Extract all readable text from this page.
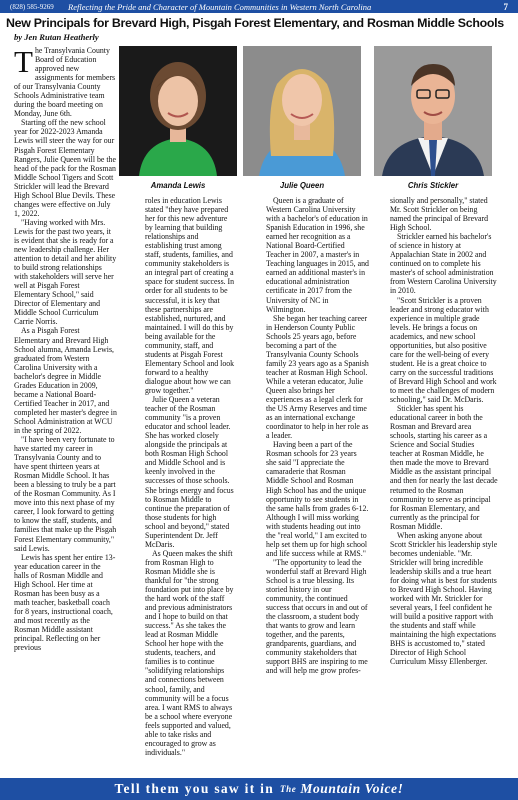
(828) 585-9269	Reflecting the Pride and Character of Mountain Communities in Western North Carolina	7
New Principals for Brevard High, Pisgah Forest Elementary, and Rosman Middle Schools
by Jen Rutan Heatherly

The Transylvania County Board of Education approved new assignments for members of our Transylvania County Schools Administrative team during the board meeting on Monday, June 6th.

Starting off the new school year for 2022-2023 Amanda Lewis will steer the way for our Pisgah Forest Elementary Rangers, Julie Queen will be the head of the pack for the Rosman Middle School Tigers and Scott Strickler will lead the Brevard High School Blue Devils. These changes were effective on July 1, 2022.

"Having worked with Mrs. Lewis for the past two years, it is evident that she is ready for a new leadership challenge. Her attention to detail and her ability to build strong relationships with stakeholders will serve her well at Pisgah Forest Elementary School," said Director of Elementary and Middle School Curriculum Carrie Norris.

As a Pisgah Forest Elementary and Brevard High School alumna, Amanda Lewis, graduated from Western Carolina University with a bachelor's degree in Middle Grades Education in 2009, became a National Board-Certified Teacher in 2017, and completed her master's degree in School Administration at WCU in the spring of 2022.

"I have been very fortunate to have started my career in Transylvania County and to have spent thirteen years at Rosman Middle School. It has been a blessing to truly be a part of the Rosman Community. As I move into this next phase of my career, I look forward to getting to know the staff, students, and families that make up the Pisgah Forest Elementary community," said Lewis.

Lewis has spent her entire 13-year education career in the halls of Rosman Middle and High School. Her time at Rosman has been busy as a math teacher, basketball coach for 8 years, instructional coach, and most recently as the Rosman Middle assistant principal. Reflecting on her previous

Amanda Lewis	Julie Queen	Chris Stickler

roles in education Lewis stated "they have prepared her for this new adventure by learning that building relationships and establishing trust among staff, students, families, and community stakeholders is an integral part of creating a space for student success. In order for all students to be successful, it is key that these partnerships are established, nurtured, and maintained. I will do this by being available for the community, staff, and students at Pisgah Forest Elementary School and look forward to a healthy dialogue about how we can grow together."

Julie Queen a veteran teacher of the Rosman community "is a proven educator and school leader. She has worked closely alongside the principals at both Rosman High School and Middle School and is keenly involved in the successes of those schools. She brings energy and focus to Rosman Middle to continue the preparation of those students for high school and beyond," stated Superintendent Dr. Jeff McDaris.

As Queen makes the shift from Rosman High to Rosman Middle she is thankful for "the strong foundation put into place by the hard work of the staff and previous administrators and I hope to build on that success." As she takes the lead at Rosman Middle School her hope with the students, teachers, and families is to continue "solidifying relationships and connections between school, family, and community will be a focus area. I want RMS to always be a school where everyone feels supported and valued, able to take risks and encouraged to grow as individuals."

Queen is a graduate of Western Carolina University with a bachelor's of education in Spanish Education in 1996, she earned her recognition as a National Board-Certified Teacher in 2007, a master's in Teaching languages in 2015, and earned an additional master's in educational administration certificate in 2017 from the University of NC in Wilmington.

She began her teaching career in Henderson County Public Schools 25 years ago, before becoming a part of the Transylvania County Schools family 23 years ago as a Spanish teacher at Rosman High School. While a veteran educator, Julie Queen also brings her experiences as a legal clerk for the US Army Reserves and time as an international exchange coordinator to help in her role as a leader.

Having been a part of the Rosman schools for 23 years she said "I appreciate the camaraderie that Rosman Middle School and Rosman High School has and the unique opportunity to see students in the same halls from grades 6-12. Although I will miss working with students heading out into the "real world," I am excited to help set them up for high school and life success while at RMS."

"The opportunity to lead the wonderful staff at Brevard High School is a true blessing. Its storied history in our community, the continued success that occurs in and out of the classroom, a student body that wants to grow and learn together, and the parents, grandparents, guardians, and community stakeholders that support BHS are inspiring to me and will help me grow profes-

sionally and personally," stated Mr. Scott Strickler on being named the principal of Brevard High School.

Strickler earned his bachelor's of science in history at Appalachian State in 2002 and continued on to complete his master's of school administration from Western Carolina University in 2010.

"Scott Strickler is a proven leader and strong educator with experience in multiple grade levels. He brings a focus on academics, and new school opportunities, but also positive care for the well-being of every student. He is a great choice to carry on the successful traditions of Brevard High School and work to meet the challenges of modern schooling," said Dr. McDaris.

Stickler has spent his educational career in both the Rosman and Brevard area schools, starting his career as a Science and Social Studies teacher at Rosman Middle, he then made the move to Brevard Middle as the assistant principal and then for nearly the last decade returned to the Rosman community to serve as principal for Rosman Elementary, and currently as the principal for Rosman Middle.

When asking anyone about Scott Strickler his leadership style becomes undeniable. "Mr. Strickler will bring incredible leadership skills and a true heart for doing what is best for students to Brevard High School. Having worked with Mr. Strickler for several years, I feel confident he will build a positive rapport with the students and staff while maintaining the high expectations BHS is accustomed to," stated Director of High School Curriculum Missy Ellenberger.

Tell them you saw it in The Mountain Voice!
